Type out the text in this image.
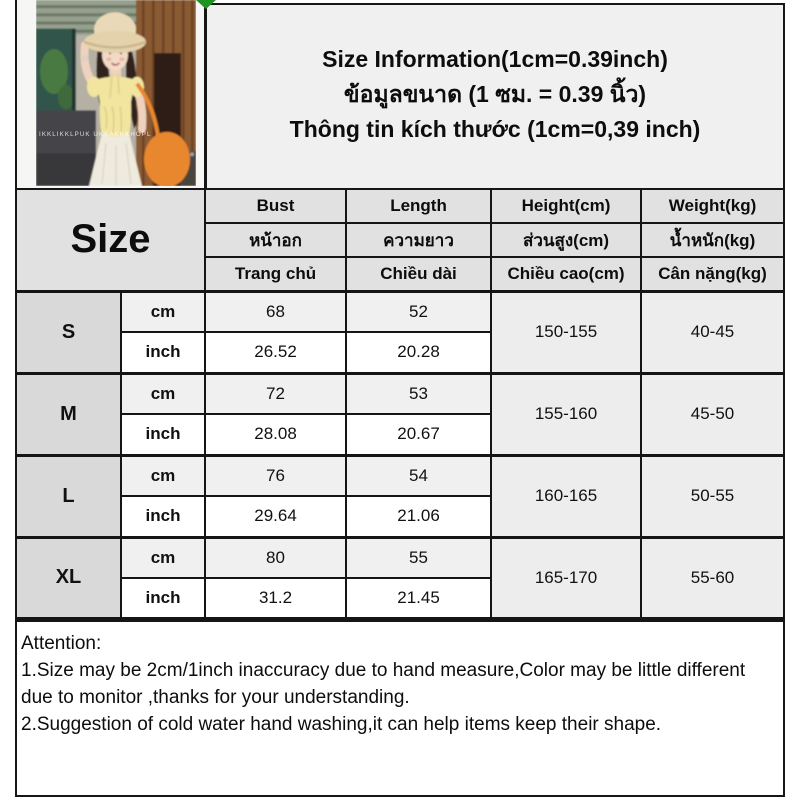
IKKLIKKLPUK UKKAKKKHOPL
Size Information(1cm=0.39inch)
ข้อมูลขนาด (1 ซม. = 0.39 นิ้ว)
Thông tin kích thước (1cm=0,39 inch)
Size		Bust	Length	Height(cm)	Weight(kg)
		หน้าอก	ความยาว	ส่วนสูง(cm)	น้ำหนัก(kg)
		Trang chủ	Chiều dài	Chiều cao(cm)	Cân nặng(kg)
S	cm	68	52	150-155	40-45
	inch	26.52	20.28		
M	cm	72	53	155-160	45-50
	inch	28.08	20.67		
L	cm	76	54	160-165	50-55
	inch	29.64	21.06		
XL	cm	80	55	165-170	55-60
	inch	31.2	21.45		
Attention:
1.Size may be 2cm/1inch inaccuracy due to hand measure,Color may be little different
due to monitor ,thanks for your understanding.
2.Suggestion of cold water hand washing,it can help items keep their shape.
